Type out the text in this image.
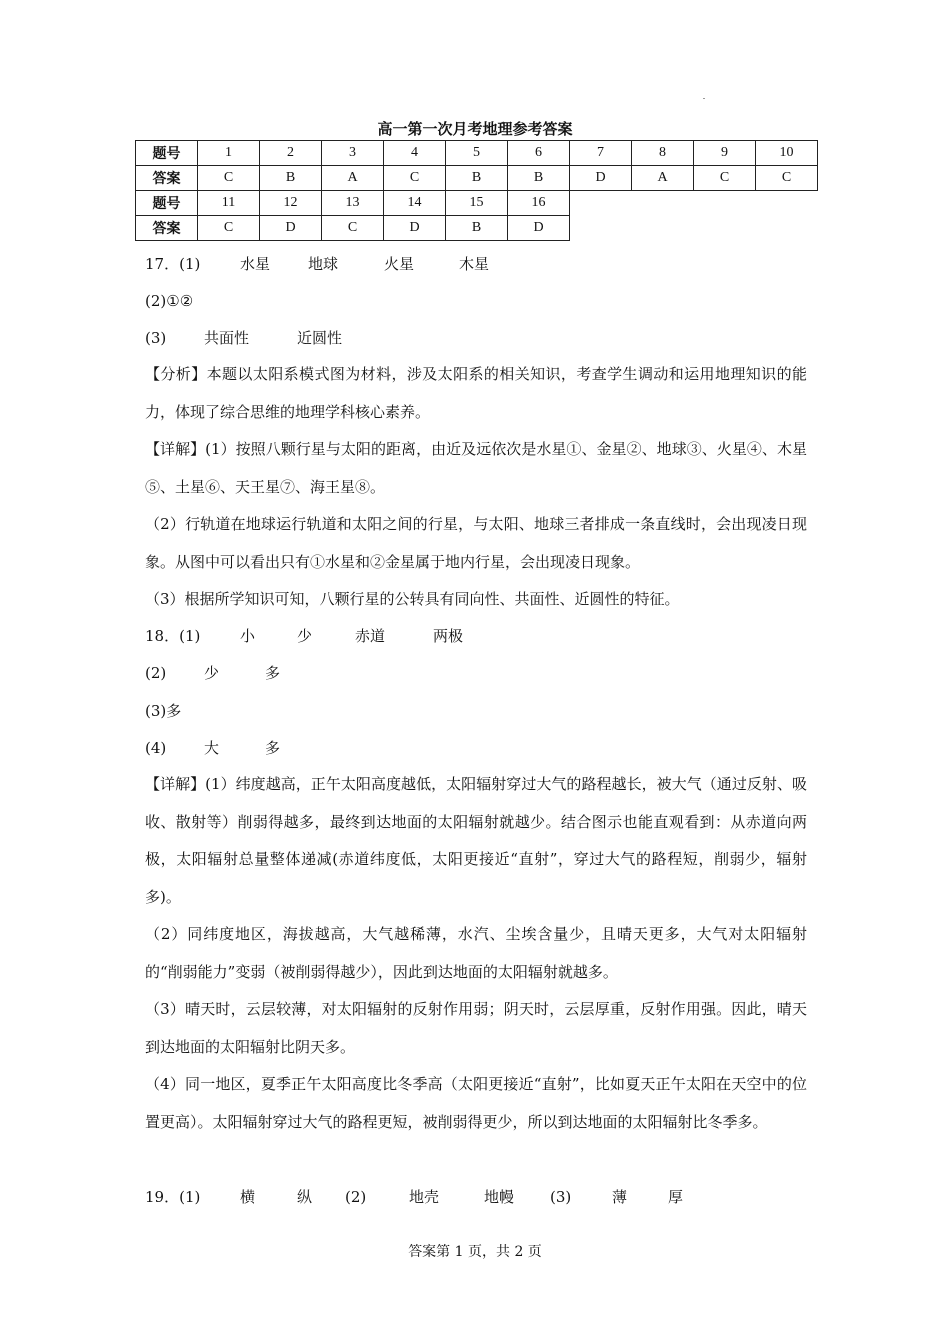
高一第一次月考地理参考答案
题号	1	2	3	4	5	6	7	8	9	10
答案	C	B	A	C	B	B	D	A	C	C
题号	11	12	13	14	15	16				
答案	C	D	C	D	B	D				
17．(1)	水星	地球	火星	木星
(2)①②
(3)	共面性	近圆性
【分析】本题以太阳系模式图为材料，涉及太阳系的相关知识，考查学生调动和运用地理知识的能力，体现了综合思维的地理学科核心素养。
【详解】(1）按照八颗行星与太阳的距离，由近及远依次是水星①、金星②、地球③、火星④、木星⑤、土星⑥、天王星⑦、海王星⑧。
（2）行轨道在地球运行轨道和太阳之间的行星，与太阳、地球三者排成一条直线时，会出现凌日现象。从图中可以看出只有①水星和②金星属于地内行星，会出现凌日现象。
（3）根据所学知识可知，八颗行星的公转具有同向性、共面性、近圆性的特征。
18．(1)	小	少	赤道	两极
(2)	少	多
(3)多
(4)	大	多
【详解】(1）纬度越高，正午太阳高度越低，太阳辐射穿过大气的路程越长，被大气（通过反射、吸收、散射等）削弱得越多，最终到达地面的太阳辐射就越少。结合图示也能直观看到：从赤道向两极，太阳辐射总量整体递减(赤道纬度低，太阳更接近“直射”，穿过大气的路程短，削弱少，辐射多)。
（2）同纬度地区，海拔越高，大气越稀薄，水汽、尘埃含量少，且晴天更多，大气对太阳辐射的“削弱能力”变弱（被削弱得越少），因此到达地面的太阳辐射就越多。
（3）晴天时，云层较薄，对太阳辐射的反射作用弱；阴天时，云层厚重，反射作用强。因此，晴天到达地面的太阳辐射比阴天多。
（4）同一地区，夏季正午太阳高度比冬季高（太阳更接近“直射”，比如夏天正午太阳在天空中的位置更高）。太阳辐射穿过大气的路程更短，被削弱得更少，所以到达地面的太阳辐射比冬季多。
19．(1)	横	纵 (2)	地壳	地幔 (3)	薄	厚
答案第 1 页，共 2 页
